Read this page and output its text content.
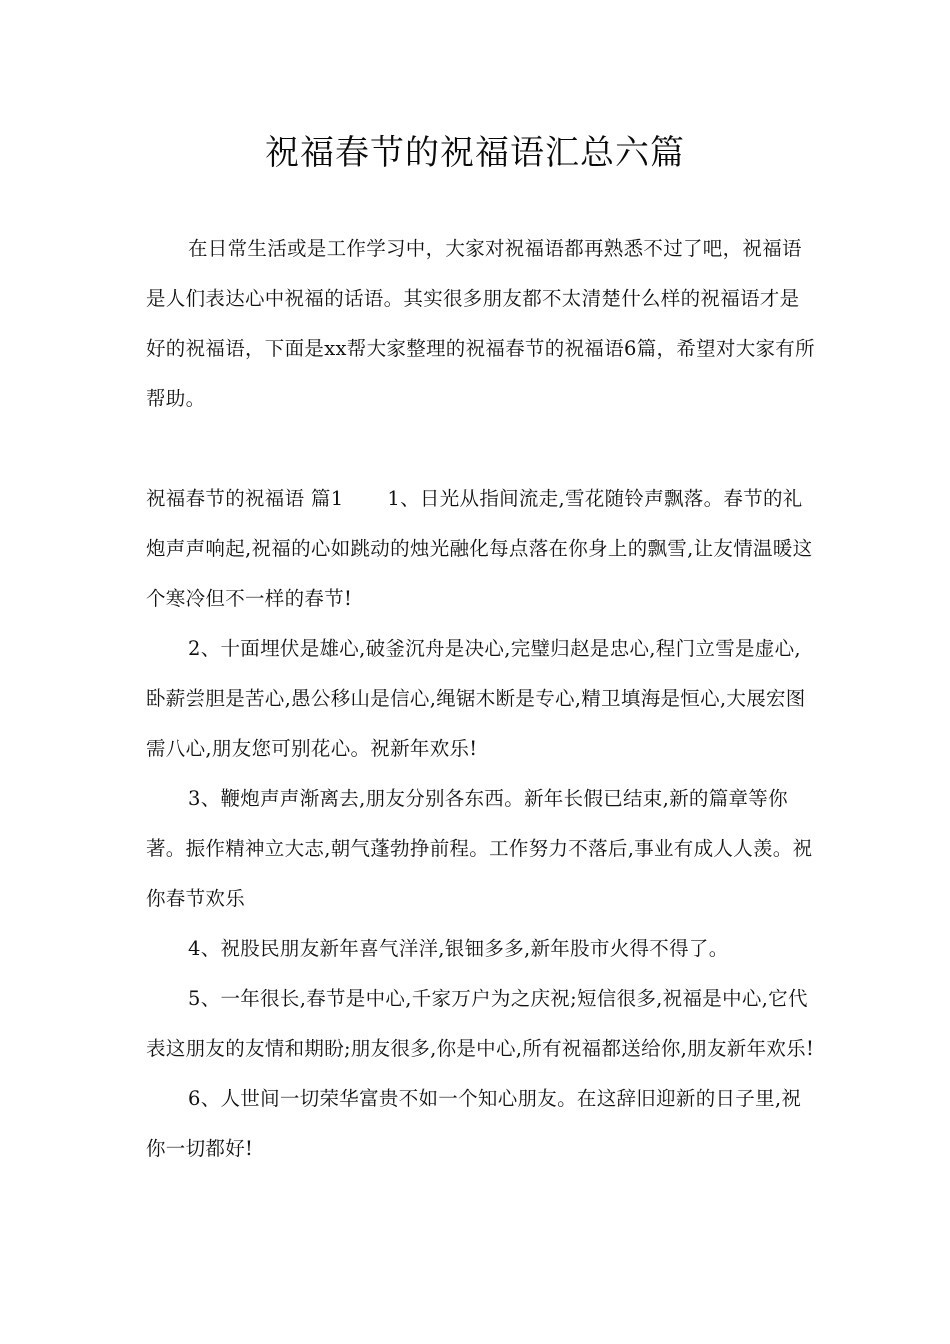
祝福春节的祝福语汇总六篇

在日常生活或是工作学习中，大家对祝福语都再熟悉不过了吧，祝福语是人们表达心中祝福的话语。其实很多朋友都不太清楚什么样的祝福语才是好的祝福语，下面是xx帮大家整理的祝福春节的祝福语6篇，希望对大家有所帮助。

祝福春节的祝福语 篇1 1、日光从指间流走,雪花随铃声飘落。春节的礼炮声声响起,祝福的心如跳动的烛光融化每点落在你身上的飘雪,让友情温暖这个寒冷但不一样的春节!

2、十面埋伏是雄心,破釜沉舟是决心,完璧归赵是忠心,程门立雪是虚心,卧薪尝胆是苦心,愚公移山是信心,绳锯木断是专心,精卫填海是恒心,大展宏图需八心,朋友您可别花心。祝新年欢乐!

3、鞭炮声声渐离去,朋友分别各东西。新年长假已结束,新的篇章等你著。振作精神立大志,朝气蓬勃挣前程。工作努力不落后,事业有成人人羡。祝你春节欢乐

4、祝股民朋友新年喜气洋洋,银钿多多,新年股市火得不得了。

5、一年很长,春节是中心,千家万户为之庆祝;短信很多,祝福是中心,它代表这朋友的友情和期盼;朋友很多,你是中心,所有祝福都送给你,朋友新年欢乐!

6、人世间一切荣华富贵不如一个知心朋友。在这辞旧迎新的日子里,祝你一切都好!
